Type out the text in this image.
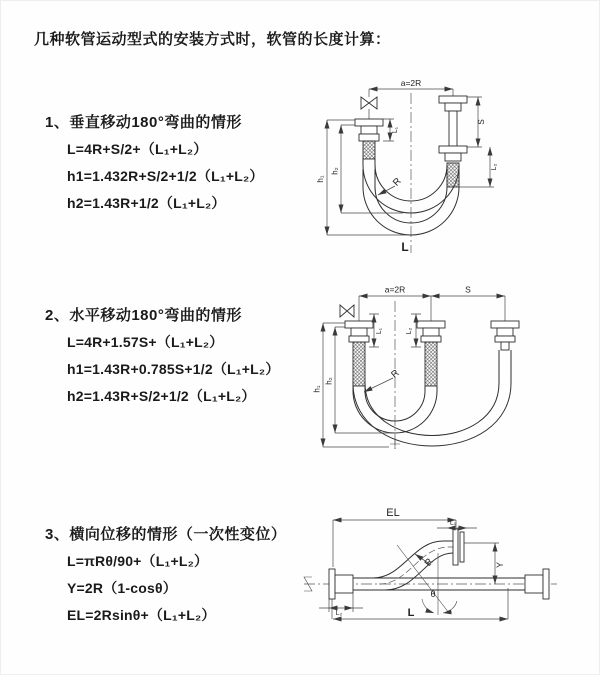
几种软管运动型式的安装方式时，软管的长度计算：
1、垂直移动180°弯曲的情形
L=4R+S/2+（L₁+L₂）
h1=1.432R+S/2+1/2（L₁+L₂）
h2=1.43R+1/2（L₁+L₂）
2、水平移动180°弯曲的情形
L=4R+1.57S+（L₁+L₂）
h1=1.43R+0.785S+1/2（L₁+L₂）
h2=1.43R+S/2+1/2（L₁+L₂）
3、横向位移的情形（一次性变位）
L=πRθ/90+（L₁+L₂）
Y=2R（1-cosθ）
EL=2Rsinθ+（L₁+L₂）
a=2R
h₁
h₂
L₁
S
L₂
R
L
a=2R	S
h₁
h₂
L₁	L₂
R
EL
L₁
Y
R
θ
L₂	L
